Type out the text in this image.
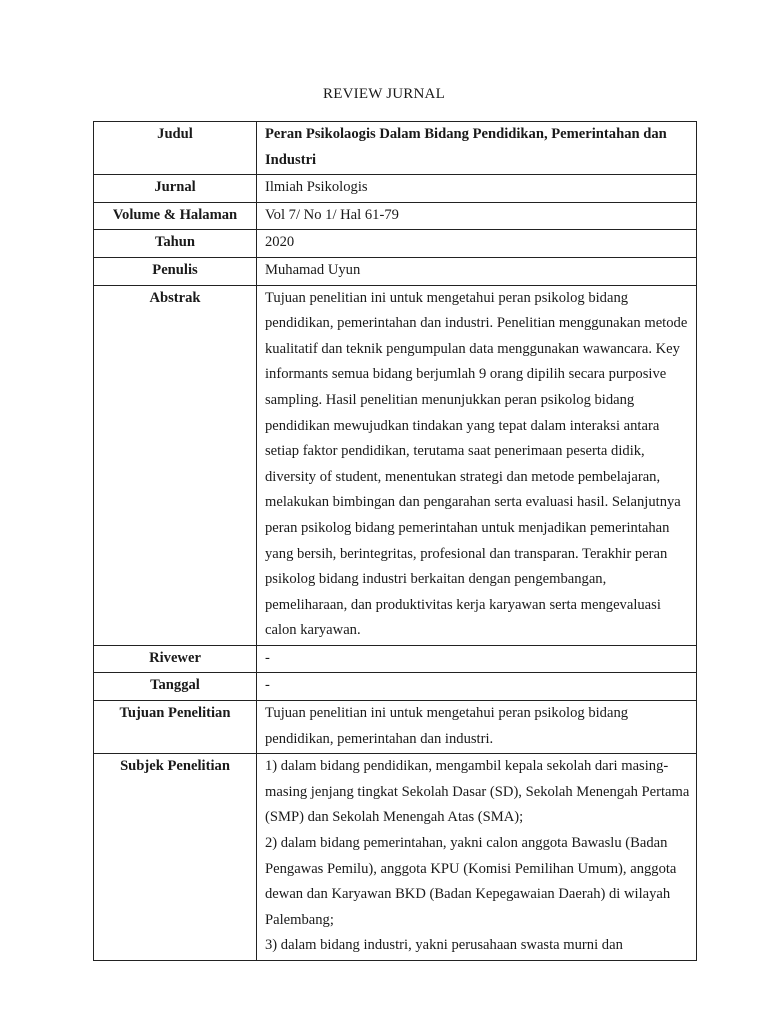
REVIEW JURNAL
Judul	Peran Psikolaogis Dalam Bidang Pendidikan, Pemerintahan dan Industri
Jurnal	Ilmiah Psikologis
Volume & Halaman	Vol 7/ No 1/ Hal 61-79
Tahun	2020
Penulis	Muhamad Uyun
Abstrak	Tujuan penelitian ini untuk mengetahui peran psikolog bidang pendidikan, pemerintahan dan industri. Penelitian menggunakan metode kualitatif dan teknik pengumpulan data menggunakan wawancara. Key informants semua bidang berjumlah 9 orang dipilih secara purposive sampling. Hasil penelitian menunjukkan peran psikolog bidang pendidikan mewujudkan tindakan yang tepat dalam interaksi antara setiap faktor pendidikan, terutama saat penerimaan peserta didik, diversity of student, menentukan strategi dan metode pembelajaran, melakukan bimbingan dan pengarahan serta evaluasi hasil. Selanjutnya peran psikolog bidang pemerintahan untuk menjadikan pemerintahan yang bersih, berintegritas, profesional dan transparan. Terakhir peran psikolog bidang industri berkaitan dengan pengembangan, pemeliharaan, dan produktivitas kerja karyawan serta mengevaluasi calon karyawan.
Rivewer	-
Tanggal	-
Tujuan Penelitian	Tujuan penelitian ini untuk mengetahui peran psikolog bidang pendidikan, pemerintahan dan industri.
Subjek Penelitian	1) dalam bidang pendidikan, mengambil kepala sekolah dari masing-masing jenjang tingkat Sekolah Dasar (SD), Sekolah Menengah Pertama (SMP) dan Sekolah Menengah Atas (SMA);
2) dalam bidang pemerintahan, yakni calon anggota Bawaslu (Badan Pengawas Pemilu), anggota KPU (Komisi Pemilihan Umum), anggota dewan dan Karyawan BKD (Badan Kepegawaian Daerah) di wilayah Palembang;
3) dalam bidang industri, yakni perusahaan swasta murni dan
